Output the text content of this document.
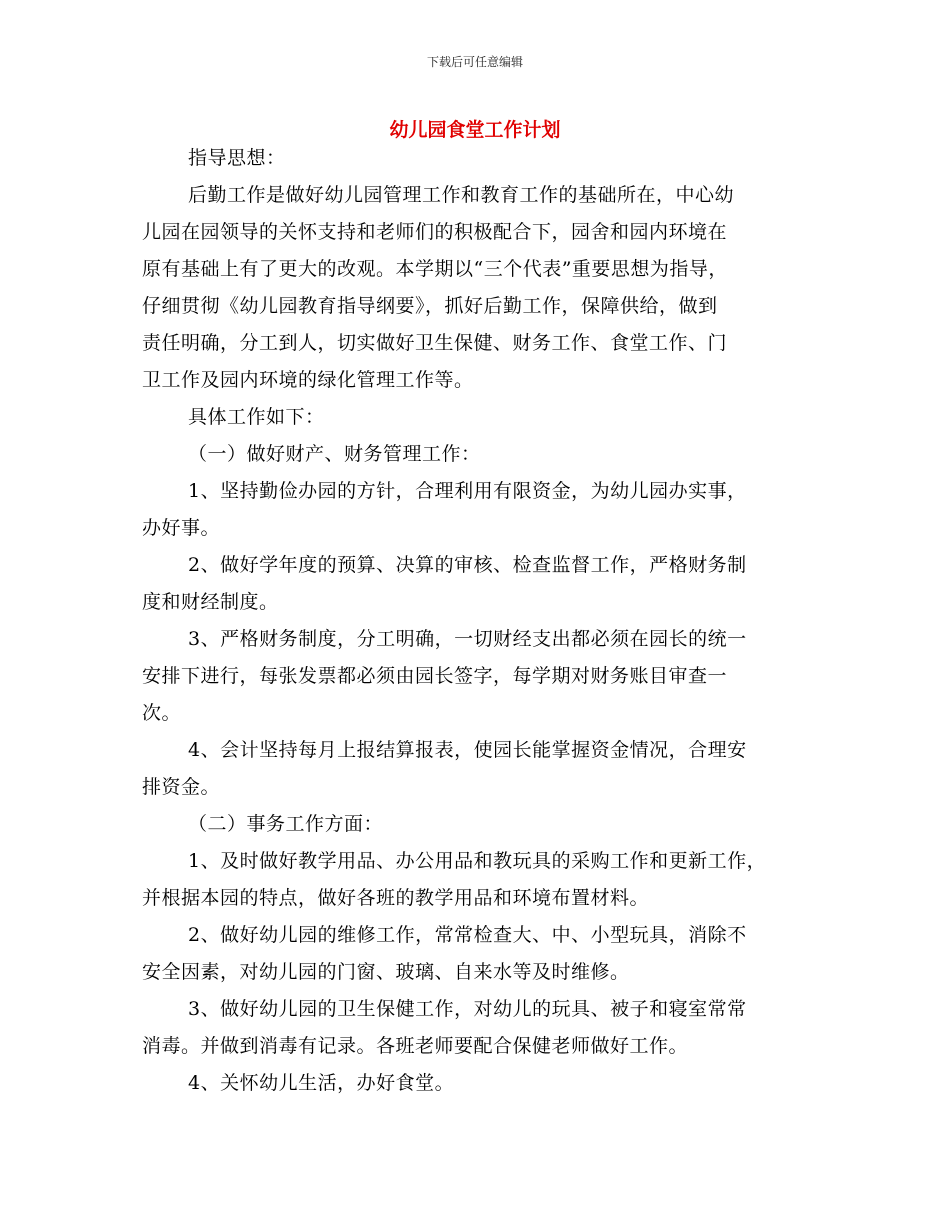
下载后可任意编辑
幼儿园食堂工作计划

指导思想：

后勤工作是做好幼儿园管理工作和教育工作的基础所在，中心幼
儿园在园领导的关怀支持和老师们的积极配合下，园舍和园内环境在
原有基础上有了更大的改观。本学期以“三个代表”重要思想为指导，
仔细贯彻《幼儿园教育指导纲要》，抓好后勤工作，保障供给，做到
责任明确，分工到人，切实做好卫生保健、财务工作、食堂工作、门
卫工作及园内环境的绿化管理工作等。

具体工作如下：

（一）做好财产、财务管理工作：

1、坚持勤俭办园的方针，合理利用有限资金，为幼儿园办实事，
办好事。

2、做好学年度的预算、决算的审核、检查监督工作，严格财务制
度和财经制度。

3、严格财务制度，分工明确，一切财经支出都必须在园长的统一
安排下进行，每张发票都必须由园长签字，每学期对财务账目审查一
次。

4、会计坚持每月上报结算报表，使园长能掌握资金情况，合理安
排资金。

（二）事务工作方面：

1、及时做好教学用品、办公用品和教玩具的采购工作和更新工作，
并根据本园的特点，做好各班的教学用品和环境布置材料。

2、做好幼儿园的维修工作，常常检查大、中、小型玩具，消除不
安全因素，对幼儿园的门窗、玻璃、自来水等及时维修。

3、做好幼儿园的卫生保健工作，对幼儿的玩具、被子和寝室常常
消毒。并做到消毒有记录。各班老师要配合保健老师做好工作。

4、关怀幼儿生活，办好食堂。
